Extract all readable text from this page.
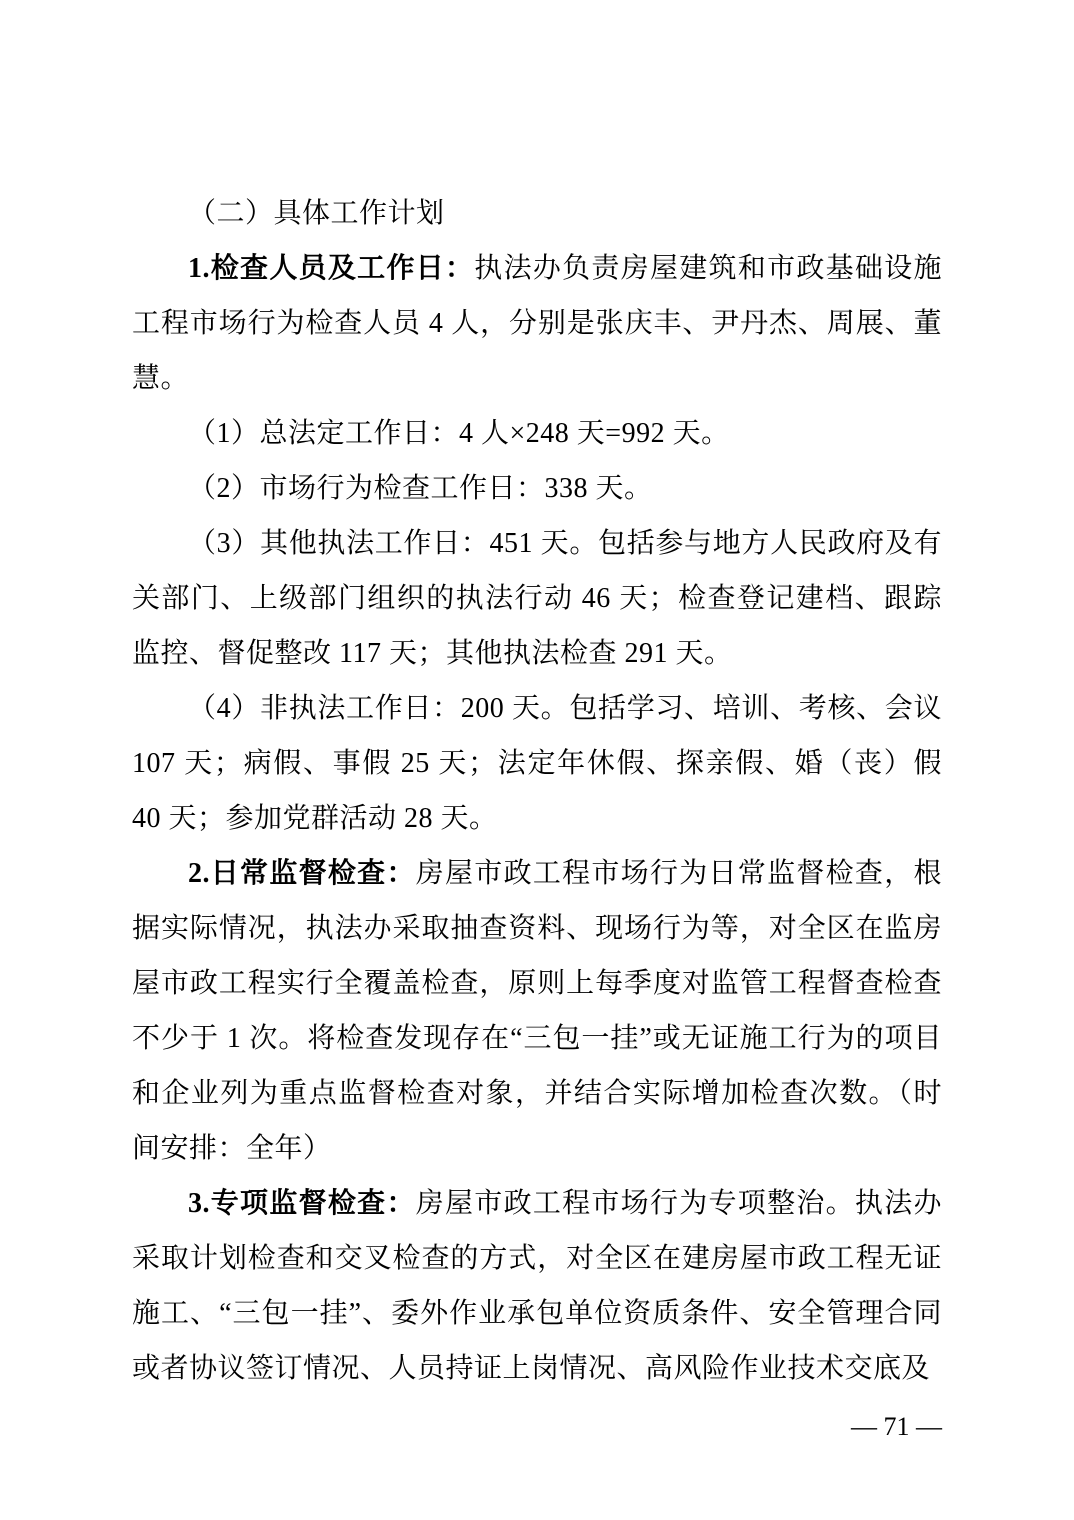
（二）具体工作计划

1.检查人员及工作日：执法办负责房屋建筑和市政基础设施工程市场行为检查人员 4 人，分别是张庆丰、尹丹杰、周展、董慧。

（1）总法定工作日：4 人×248 天=992 天。

（2）市场行为检查工作日：338 天。

（3）其他执法工作日：451 天。包括参与地方人民政府及有关部门、上级部门组织的执法行动 46 天；检查登记建档、跟踪监控、督促整改 117 天；其他执法检查 291 天。

（4）非执法工作日：200 天。包括学习、培训、考核、会议 107 天；病假、事假 25 天；法定年休假、探亲假、婚（丧）假 40 天；参加党群活动 28 天。

2.日常监督检查：房屋市政工程市场行为日常监督检查，根据实际情况，执法办采取抽查资料、现场行为等，对全区在监房屋市政工程实行全覆盖检查，原则上每季度对监管工程督查检查不少于 1 次。将检查发现存在“三包一挂”或无证施工行为的项目和企业列为重点监督检查对象，并结合实际增加检查次数。（时间安排：全年）

3.专项监督检查：房屋市政工程市场行为专项整治。执法办采取计划检查和交叉检查的方式，对全区在建房屋市政工程无证施工、“三包一挂”、委外作业承包单位资质条件、安全管理合同或者协议签订情况、人员持证上岗情况、高风险作业技术交底及

— 71 —
